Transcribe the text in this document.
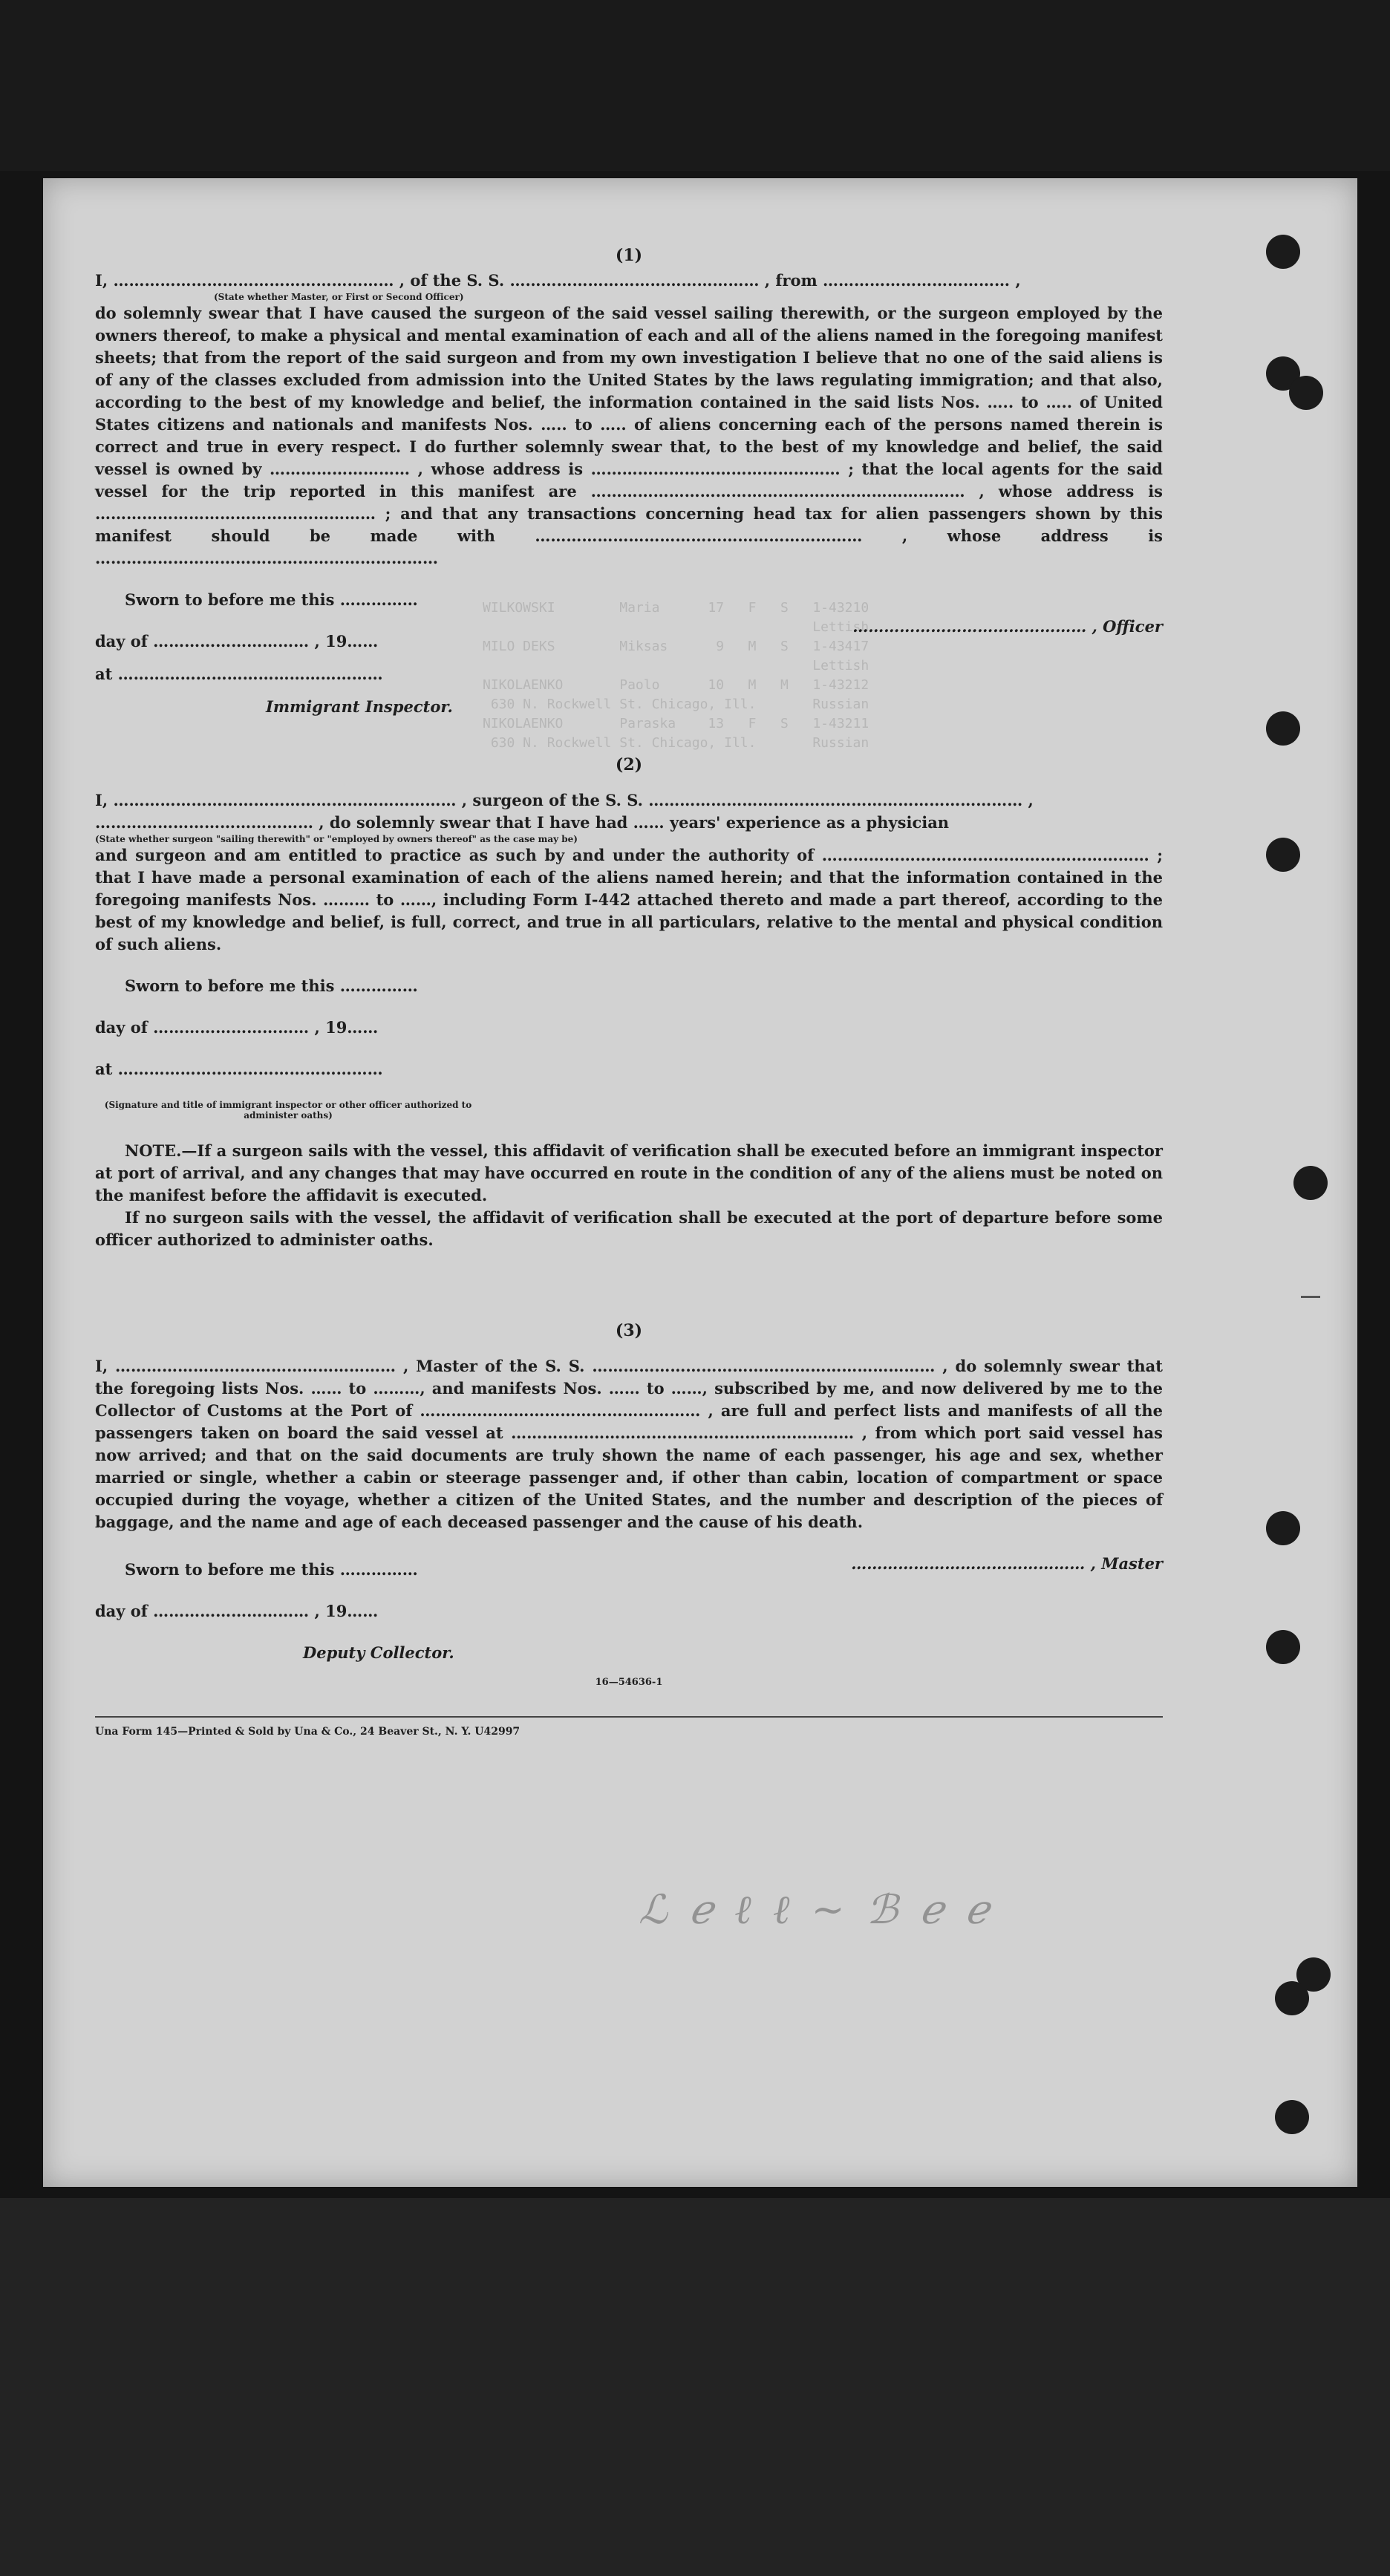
WILKOWSKI        Maria      17   F   S   1-43210
Lettish
MILO DEKS        Miksas      9   M   S   1-43417
Lettish
NIKOLAENKO       Paolo      10   M   M   1-43212
630 N. Rockwell St. Chicago, Ill.       Russian
NIKOLAENKO       Paraska    13   F   S   1-43211
630 N. Rockwell St. Chicago, Ill.       Russian

(1)
I, ……………………………………………… , of the S. S. ………………………………………… , from ……………………………… ,
(State whether Master, or First or Second Officer)
do solemnly swear that I have caused the surgeon of the said vessel sailing therewith, or the surgeon employed by the owners thereof, to make a physical and mental examination of each and all of the aliens named in the foregoing manifest sheets; that from the report of the said surgeon and from my own investigation I believe that no one of the said aliens is of any of the classes excluded from admission into the United States by the laws regulating immigration; and that also, according to the best of my knowledge and belief, the information contained in the said lists Nos. ….. to ….. of United States citizens and nationals and manifests Nos. ….. to ….. of aliens concerning each of the persons named therein is correct and true in every respect. I do further solemnly swear that, to the best of my knowledge and belief, the said vessel is owned by ……………………… , whose address is ………………………………………… ; that the local agents for the said vessel for the trip reported in this manifest are ……………………………………………………………… , whose address is ……………………………………………… ; and that any transactions concerning head tax for alien passengers shown by this manifest should be made with ……………………………………………………… , whose address is …………………………………………………………
Sworn to before me this ……………
day of ………………………… , 19……
at ……………………………………………
Immigrant Inspector.
……………………………………… , Officer
(2)
I, ………………………………………………………… , surgeon of the S. S. ……………………………………………………………… ,
…………………………………… , do solemnly swear that I have had …… years' experience as a physician
(State whether surgeon "sailing therewith" or "employed by owners thereof" as the case may be)
and surgeon and am entitled to practice as such by and under the authority of ……………………………………………………… ; that I have made a personal examination of each of the aliens named herein; and that the information contained in the foregoing manifests Nos. ……… to ……, including Form I-442 attached thereto and made a part thereof, according to the best of my knowledge and belief, is full, correct, and true in all particulars, relative to the mental and physical condition of such aliens.
Sworn to before me this ……………
day of ………………………… , 19……
at ……………………………………………
(Signature and title of immigrant inspector or other officer authorized to administer oaths)
NOTE.—If a surgeon sails with the vessel, this affidavit of verification shall be executed before an immigrant inspector at port of arrival, and any changes that may have occurred en route in the condition of any of the aliens must be noted on the manifest before the affidavit is executed.
If no surgeon sails with the vessel, the affidavit of verification shall be executed at the port of departure before some officer authorized to administer oaths.
(3)
I, ……………………………………………… , Master of the S. S. ………………………………………………………… , do solemnly swear that the foregoing lists Nos. …… to ………, and manifests Nos. …… to ……, subscribed by me, and now delivered by me to the Collector of Customs at the Port of ……………………………………………… , are full and perfect lists and manifests of all the passengers taken on board the said vessel at ………………………………………………………… , from which port said vessel has now arrived; and that on the said documents are truly shown the name of each passenger, his age and sex, whether married or single, whether a cabin or steerage passenger and, if other than cabin, location of compartment or space occupied during the voyage, whether a citizen of the United States, and the number and description of the pieces of baggage, and the name and age of each deceased passenger and the cause of his death.
Sworn to before me this ……………
day of ………………………… , 19……
Deputy Collector.
……………………………………… , Master
16—54636-1
Una Form 145—Printed & Sold by Una & Co., 24 Beaver St., N. Y. U42997
ℒ ℯ ℓ ℓ ~ ℬ ℯ ℯ
